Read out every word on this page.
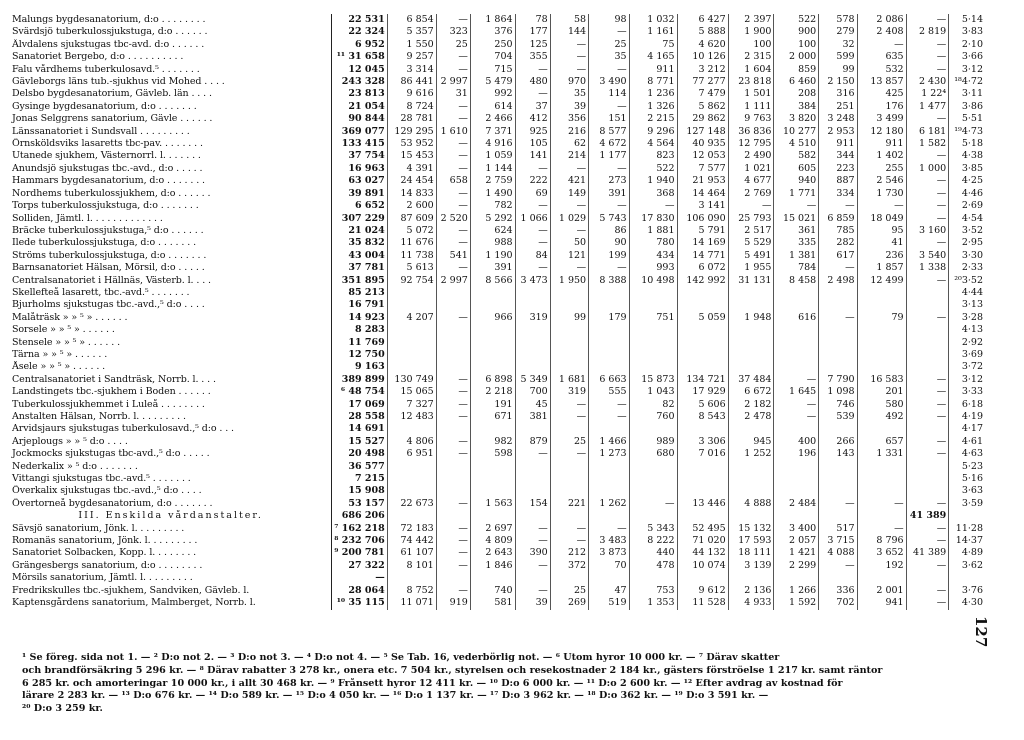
Malungs bygdesanatorium, d:o . . . . . . . .	22 531	6 854	—	1 864	78	58	98	1 032	6 427	2 397	522	578	2 086	—	5·14
Svärdsjö tuberkulossjukstuga, d:o . . . . . .	22 324	5 357	323	376	177	144	—	1 161	5 888	1 900	900	279	2 408	2 819	3·83
Älvdalens sjukstugas tbc-avd. d:o . . . . . .	6 952	1 550	25	250	125	—	25	75	4 620	100	100	32	—	—	2·10
Sanatoriet Bergebo, d:o . . . . . . . . . .	¹¹ 31 658	9 257	—	704	355	—	35	4 165	10 126	2 315	2 000	599	635	—	3·66
Falu vårdhems tuberkulosavd.⁵ . . . . . . .	12 045	3 314	—	715	—	—	—	911	3 212	1 604	859	99	532	—	3·12
Gävleborgs läns tub.-sjukhus vid Mohed . . . .	243 328	86 441	2 997	5 479	480	970	3 490	8 771	77 277	23 818	6 460	2 150	13 857	2 430	¹⁸4·72
Delsbo bygdesanatorium, Gävleb. län . . . .	23 813	9 616	31	992	—	35	114	1 236	7 479	1 501	208	316	425	1 22⁴	3·11
Gysinge bygdesanatorium, d:o . . . . . . .	21 054	8 724	—	614	37	39	—	1 326	5 862	1 111	384	251	176	1 477	3·86
Jonas Selggrens sanatorium, Gävle . . . . . .	90 844	28 781	—	2 466	412	356	151	2 215	29 862	9 763	3 820	3 248	3 499	—	5·51
Länssanatoriet i Sundsvall . . . . . . . . .	369 077	129 295	1 610	7 371	925	216	8 577	9 296	127 148	36 836	10 277	2 953	12 180	6 181	¹⁹4·73
Örnsköldsviks lasaretts tbc-pav. . . . . . . .	133 415	53 952	—	4 916	105	62	4 672	4 564	40 935	12 795	4 510	911	911	1 582	5·18
Utanede sjukhem, Västernorrl. l. . . . . . .	37 754	15 453	—	1 059	141	214	1 177	823	12 053	2 490	582	344	1 402	—	4·38
Anundsjö sjukstugas tbc.-avd., d:o . . . . .	16 963	4 391	—	1 144	—	—	—	522	7 577	1 021	605	223	255	1 000	3·85
Hammars bygdesanatorium, d:o . . . . . . .	63 027	24 454	658	2 759	222	421	273	1 940	21 953	4 677	940	887	2 546	—	4·25
Nordhems tuberkulossjukhem, d:o . . . . . .	39 891	14 833	—	1 490	69	149	391	368	14 464	2 769	1 771	334	1 730	—	4·46
Torps tuberkulossjukstuga, d:o . . . . . . .	6 652	2 600	—	782	—	—	—	—	3 141	—	—	—	—	—	2·69
Solliden, Jämtl. l. . . . . . . . . . . . .	307 229	87 609	2 520	5 292	1 066	1 029	5 743	17 830	106 090	25 793	15 021	6 859	18 049	—	4·54
Bräcke tuberkulossjukstuga,⁵ d:o . . . . . .	21 024	5 072	—	624	—	—	86	1 881	5 791	2 517	361	785	95	3 160	3·52
Ilede tuberkulossjukstuga, d:o . . . . . . .	35 832	11 676	—	988	—	50	90	780	14 169	5 529	335	282	41	—	2·95
Ströms tuberkulossjukstuga, d:o . . . . . . .	43 004	11 738	541	1 190	84	121	199	434	14 771	5 491	1 381	617	236	3 540	3·30
Barnsanatoriet Hälsan, Mörsil, d:o . . . . .	37 781	5 613	—	391	—	—	—	993	6 072	1 955	784	—	1 857	1 338	2·33
Centralsanatoriet i Hällnäs, Västerb. l. . . .	351 895	92 754	2 997	8 566	3 473	1 950	8 388	10 498	142 992	31 131	8 458	2 498	12 499	—	²⁰3·52
Skellefteå lasarett, tbc.-avd.⁵ . . . . . . .	85 213														4·44
Bjurholms sjukstugas tbc.-avd.,⁵ d:o . . . .	16 791														3·13
Malåträsk » » ⁵ » . . . . . .	14 923	4 207	—	966	319	99	179	751	5 059	1 948	616	—	79	—	3·28
Sorsele » » ⁵ » . . . . . .	8 283														4·13
Stensele » » ⁵ » . . . . . .	11 769														2·92
Tärna » » ⁵ » . . . . . .	12 750														3·69
Åsele » » ⁵ » . . . . . .	9 163														3·72
Centralsanatoriet i Sandträsk, Norrb. l. . . .	389 899	130 749	—	6 898	5 349	1 681	6 663	15 873	134 721	37 484	—	7 790	16 583	—	3·12
Landstingets tbc.-sjukhem i Boden . . . . . .	⁶ 48 754	15 065	—	2 218	700	319	555	1 043	17 929	6 672	1 645	1 098	201	—	3·33
Tuberkulossjukhemmet i Luleå . . . . . . . .	17 069	7 327	—	191	45	—	—	82	5 606	2 182	—	746	580	—	6·18
Anstalten Hälsan, Norrb. l. . . . . . . . .	28 558	12 483	—	671	381	—	—	760	8 543	2 478	—	539	492	—	4·19
Arvidsjaurs sjukstugas tuberkulosavd.,⁵ d:o . . .	14 691														4·17
Arjeplougs » » ⁵ d:o . . . .	15 527	4 806	—	982	879	25	1 466	989	3 306	945	400	266	657	—	4·61
Jockmocks sjukstugas tbc-avd.,⁵ d:o . . . . .	20 498	6 951	—	598	—	—	1 273	680	7 016	1 252	196	143	1 331	—	4·63
Nederkalix » ⁵ d:o . . . . . . .	36 577														5·23
Vittangi sjukstugas tbc.-avd.⁵ . . . . . . .	7 215														5·16
Överkalix sjukstugas tbc.-avd.,⁵ d:o . . . .	15 908														3·63
Övertorneå bygdesanatorium, d:o . . . . . . .	53 157	22 673	—	1 563	154	221	1 262	—	13 446	4 888	2 484	—	—	—	3·59
III. Enskilda vårdanstalter.	686 206													41 389	
Sävsjö sanatorium, Jönk. l. . . . . . . . .	⁷ 162 218	72 183	—	2 697	—	—	—	5 343	52 495	15 132	3 400	517	—	—	11·28
Romanäs sanatorium, Jönk. l. . . . . . . . .	⁸ 232 706	74 442	—	4 809	—	—	3 483	8 222	71 020	17 593	2 057	3 715	8 796	—	14·37
Sanatoriet Solbacken, Kopp. l. . . . . . . .	⁹ 200 781	61 107	—	2 643	390	212	3 873	440	44 132	18 111	1 421	4 088	3 652	41 389	4·89
Grängesbergs sanatorium, d:o . . . . . . . .	27 322	8 101	—	1 846	—	372	70	478	10 074	3 139	2 299	—	192	—	3·62
Mörsils sanatorium, Jämtl. l. . . . . . . . .	—														
Fredrikskulles tbc.-sjukhem, Sandviken, Gävleb. l.	28 064	8 752	—	740	—	25	47	753	9 612	2 136	1 266	336	2 001	—	3·76
Kaptensgårdens sanatorium, Malmberget, Norrb. l.	¹⁰ 35 115	11 071	919	581	39	269	519	1 353	11 528	4 933	1 592	702	941	—	4·30
¹ Se föreg. sida not 1. — ² D:o not 2. — ³ D:o not 3. — ⁴ D:o not 4. — ⁵ Se Tab. 16, vederbörlig not. — ⁶ Utom hyror 10 000 kr. — ⁷ Därav skatter
och brandförsäkring 5 296 kr. — ⁸ Därav rabatter 3 278 kr., onera etc. 7 504 kr., styrelsen och resekostnader 2 184 kr., gästers förströelse 1 217 kr. samt räntor
6 285 kr. och amorteringar 10 000 kr., i allt 30 468 kr. — ⁹ Frånsett hyror 12 411 kr. — ¹⁰ D:o 6 000 kr. — ¹¹ D:o 2 600 kr. — ¹² Efter avdrag av kostnad för
lärare 2 283 kr. — ¹³ D:o 676 kr. — ¹⁴ D:o 589 kr. — ¹⁵ D:o 4 050 kr. — ¹⁶ D:o 1 137 kr. — ¹⁷ D:o 3 962 kr. — ¹⁸ D:o 362 kr. — ¹⁹ D:o 3 591 kr. —
²⁰ D:o 3 259 kr.
127
